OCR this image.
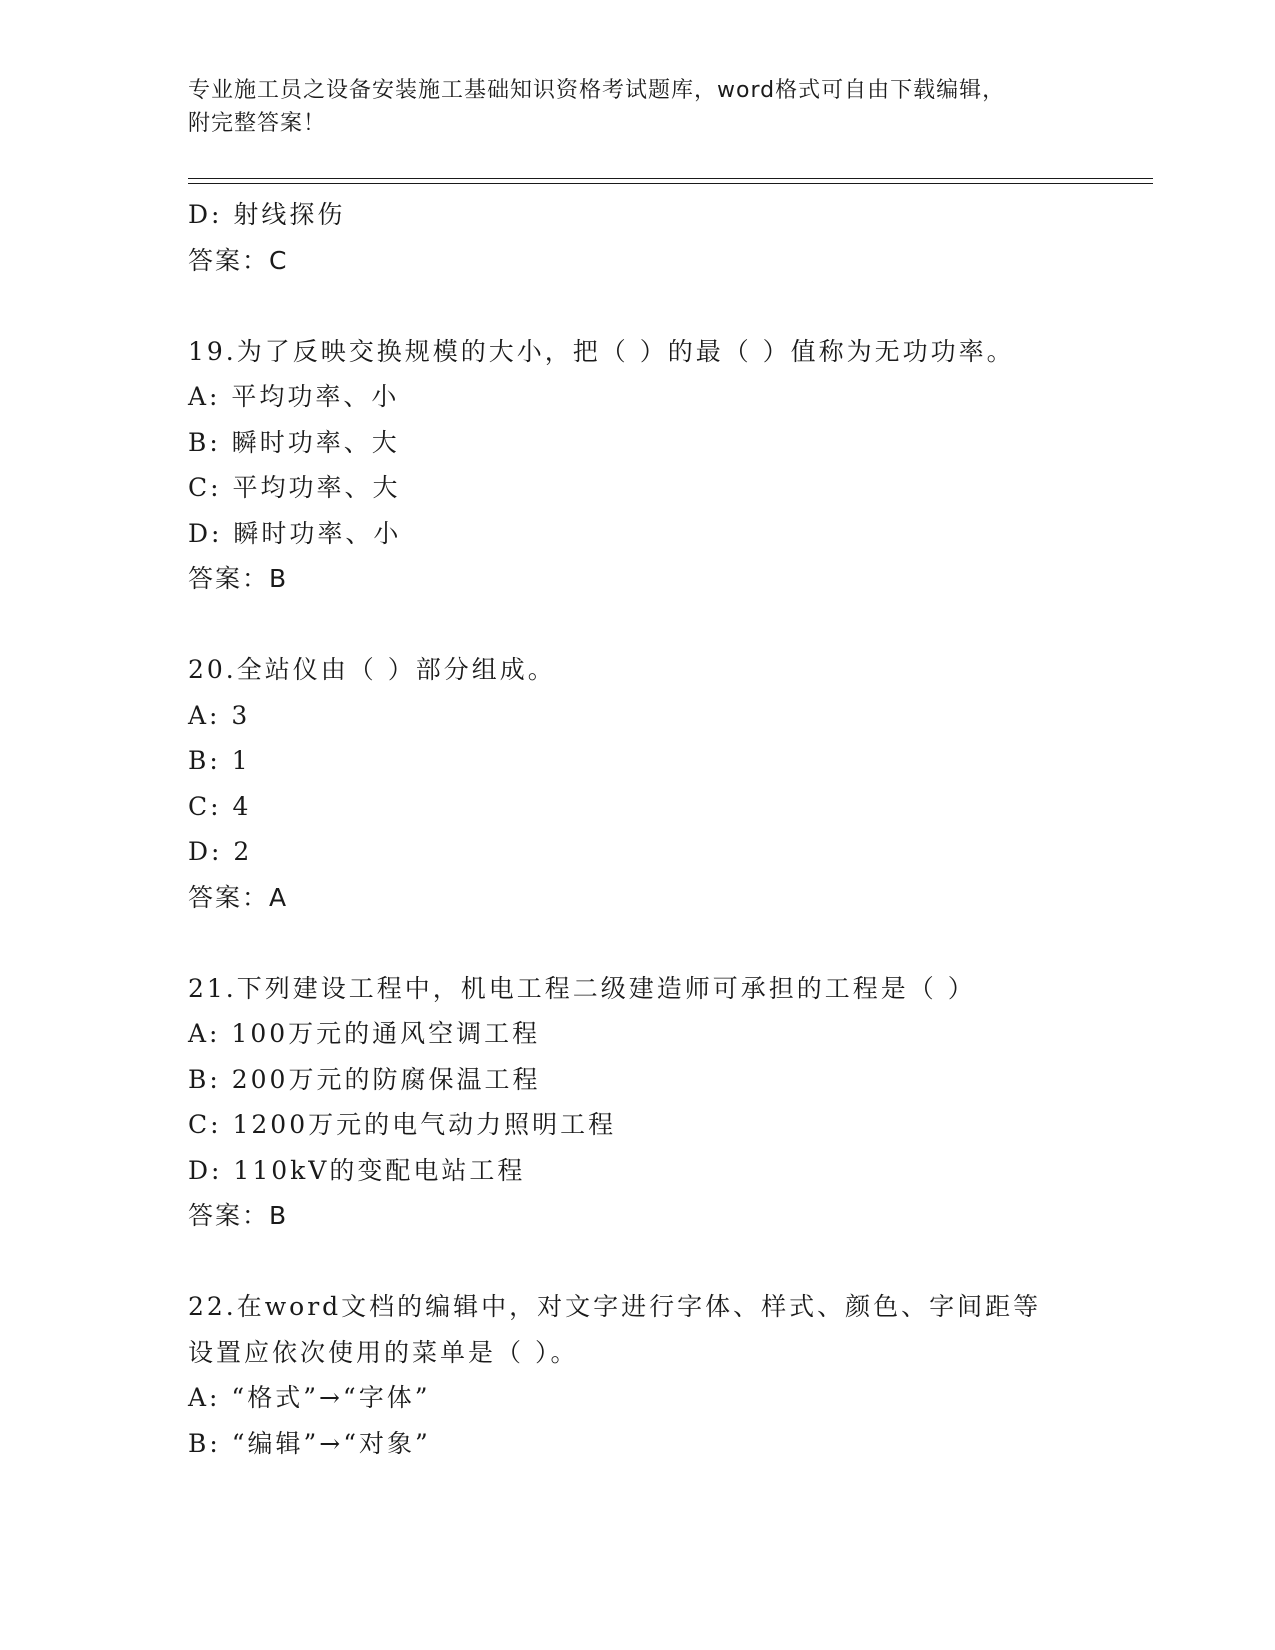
专业施工员之设备安装施工基础知识资格考试题库，word格式可自由下载编辑，
附完整答案！
D: 射线探伤
答案：C
19.为了反映交换规模的大小，把（ ）的最（ ）值称为无功功率。
A: 平均功率、小
B: 瞬时功率、大
C: 平均功率、大
D: 瞬时功率、小
答案：B
20.全站仪由（ ）部分组成。
A: 3
B: 1
C: 4
D: 2
答案：A
21.下列建设工程中，机电工程二级建造师可承担的工程是（ ）
A: 100万元的通风空调工程
B: 200万元的防腐保温工程
C: 1200万元的电气动力照明工程
D: 110kV的变配电站工程
答案：B
22.在word文档的编辑中，对文字进行字体、样式、颜色、字间距等
设置应依次使用的菜单是（ ）。
A: “格式”→“字体”
B: “编辑”→“对象”
